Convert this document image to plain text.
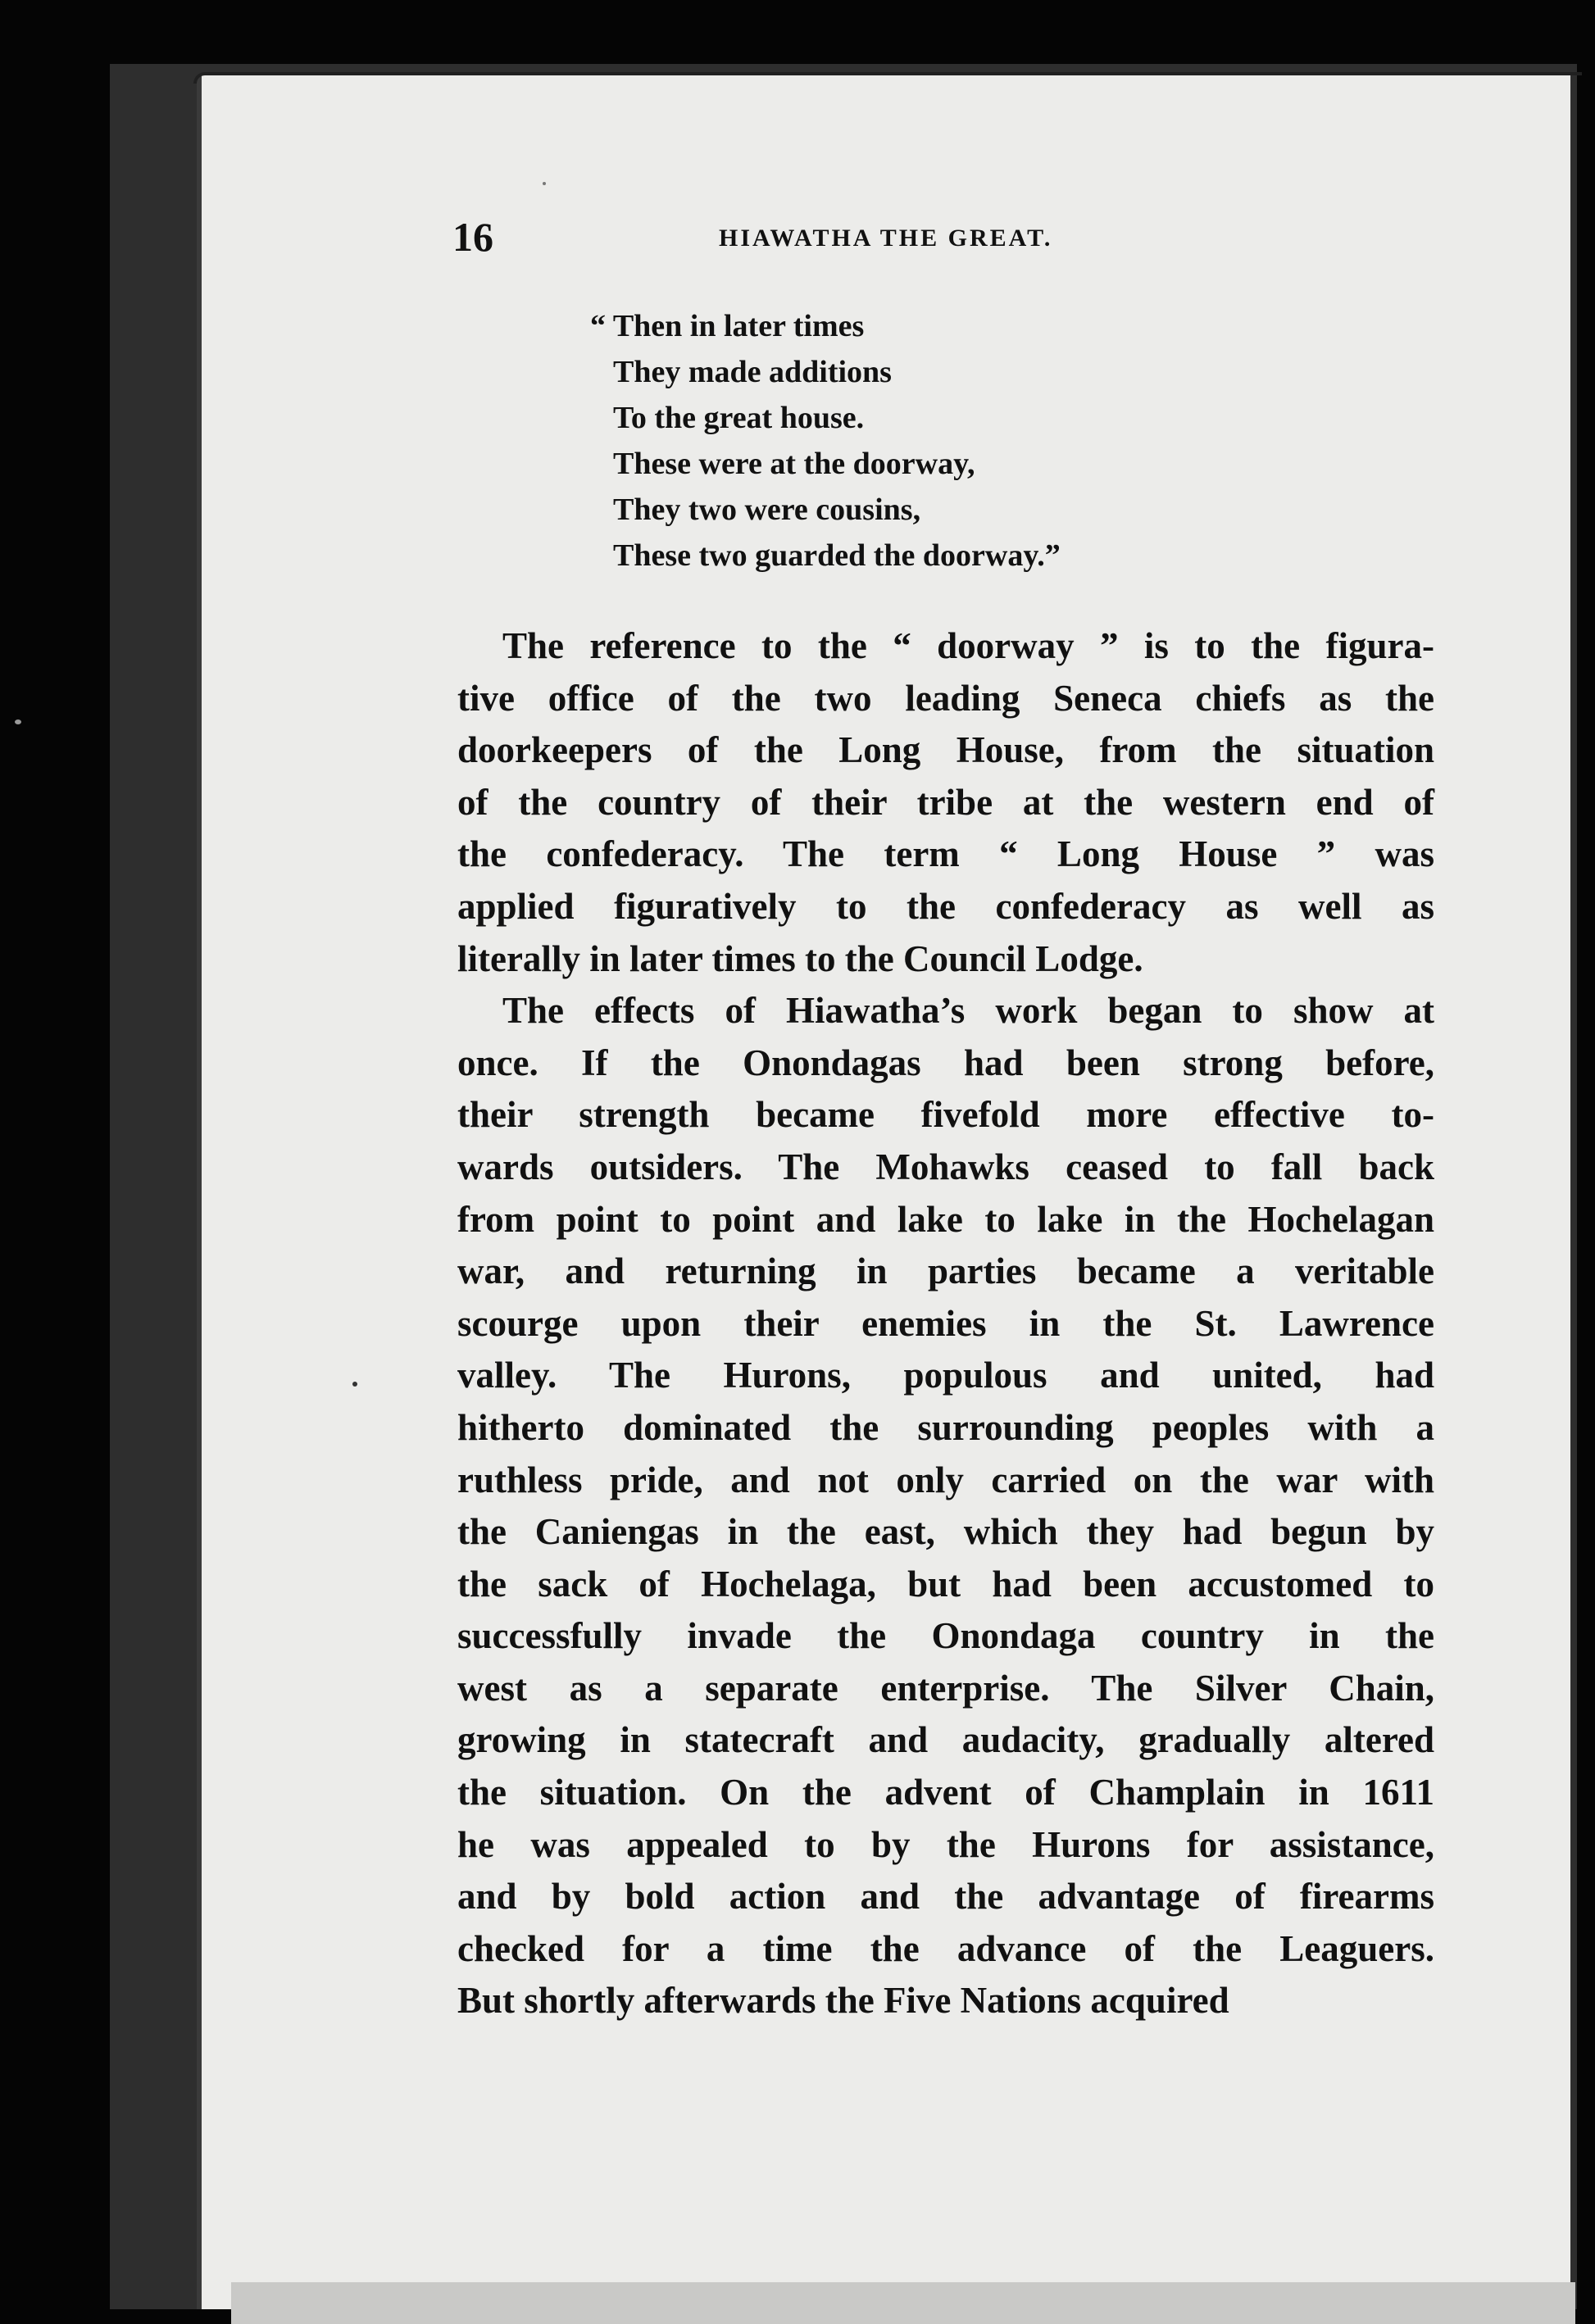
16	HIAWATHA THE GREAT.
“ Then in later times
They made additions
To the great house.
These were at the doorway,
They two were cousins,
These two guarded the doorway.”
The reference to the “ doorway ” is to the figura-
tive office of the two leading Seneca chiefs as the
doorkeepers of the Long House, from the situation
of the country of their tribe at the western end of
the confederacy. The term “ Long House ” was
applied figuratively to the confederacy as well as
literally in later times to the Council Lodge.
The effects of Hiawatha’s work began to show at
once. If the Onondagas had been strong before,
their strength became fivefold more effective to-
wards outsiders. The Mohawks ceased to fall back
from point to point and lake to lake in the Hochelagan
war, and returning in parties became a veritable
scourge upon their enemies in the St. Lawrence
valley. The Hurons, populous and united, had
hitherto dominated the surrounding peoples with a
ruthless pride, and not only carried on the war with
the Caniengas in the east, which they had begun by
the sack of Hochelaga, but had been accustomed to
successfully invade the Onondaga country in the
west as a separate enterprise. The Silver Chain,
growing in statecraft and audacity, gradually altered
the situation. On the advent of Champlain in 1611
he was appealed to by the Hurons for assistance,
and by bold action and the advantage of firearms
checked for a time the advance of the Leaguers.
But shortly afterwards the Five Nations acquired
